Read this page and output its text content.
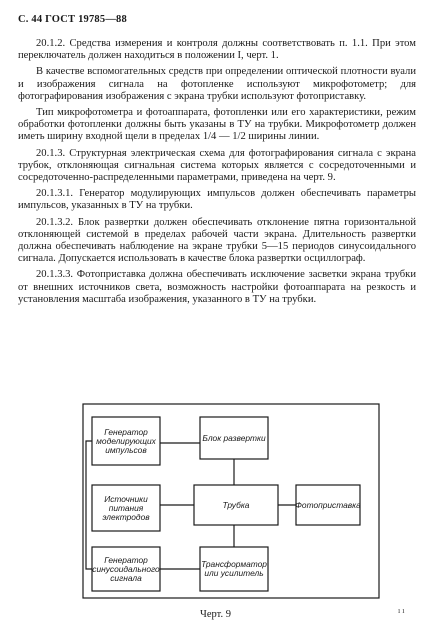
С. 44 ГОСТ 19785—88

20.1.2. Средства измерения и контроля должны соответствовать п. 1.1. При этом переключатель должен находиться в положении I, черт. 1.

В качестве вспомогательных средств при определении оптической плотности вуали и изображения сигнала на фотопленке используют микрофотометр; для фотографирования изображения с экрана трубки используют фотоприставку.

Тип микрофотометра и фотоаппарата, фотопленки или его характеристики, режим обработки фотопленки должны быть указаны в ТУ на трубки. Микрофотометр должен иметь ширину входной щели в пределах 1/4 — 1/2 ширины линии.

20.1.3. Структурная электрическая схема для фотографирования сигнала с экрана трубок, отклоняющая сигнальная система которых является с сосредоточенными и сосредоточенно-распределенными параметрами, приведена на черт. 9.

20.1.3.1. Генератор модулирующих импульсов должен обеспечивать параметры импульсов, указанных в ТУ на трубки.

20.1.3.2. Блок развертки должен обеспечивать отклонение пятна горизонтальной отклоняющей системой в пределах рабочей части экрана. Длительность развертки должна обеспечивать наблюдение на экране трубки 5—15 периодов синусоидального сигнала. Допускается использовать в качестве блока развертки осциллограф.

20.1.3.3. Фотоприставка должна обеспечивать исключение засветки экрана трубки от внешних источников света, возможность настройки фотоаппарата на резкость и установления масштаба изображения, указанного в ТУ на трубки.

Генератор моделирующих импульсов
Блок развертки
Источники питания электродов
Трубка	Фотоприставка
Генератор синусоидального сигнала
Трансформатор или усилитель
Черт. 9	ı ı
